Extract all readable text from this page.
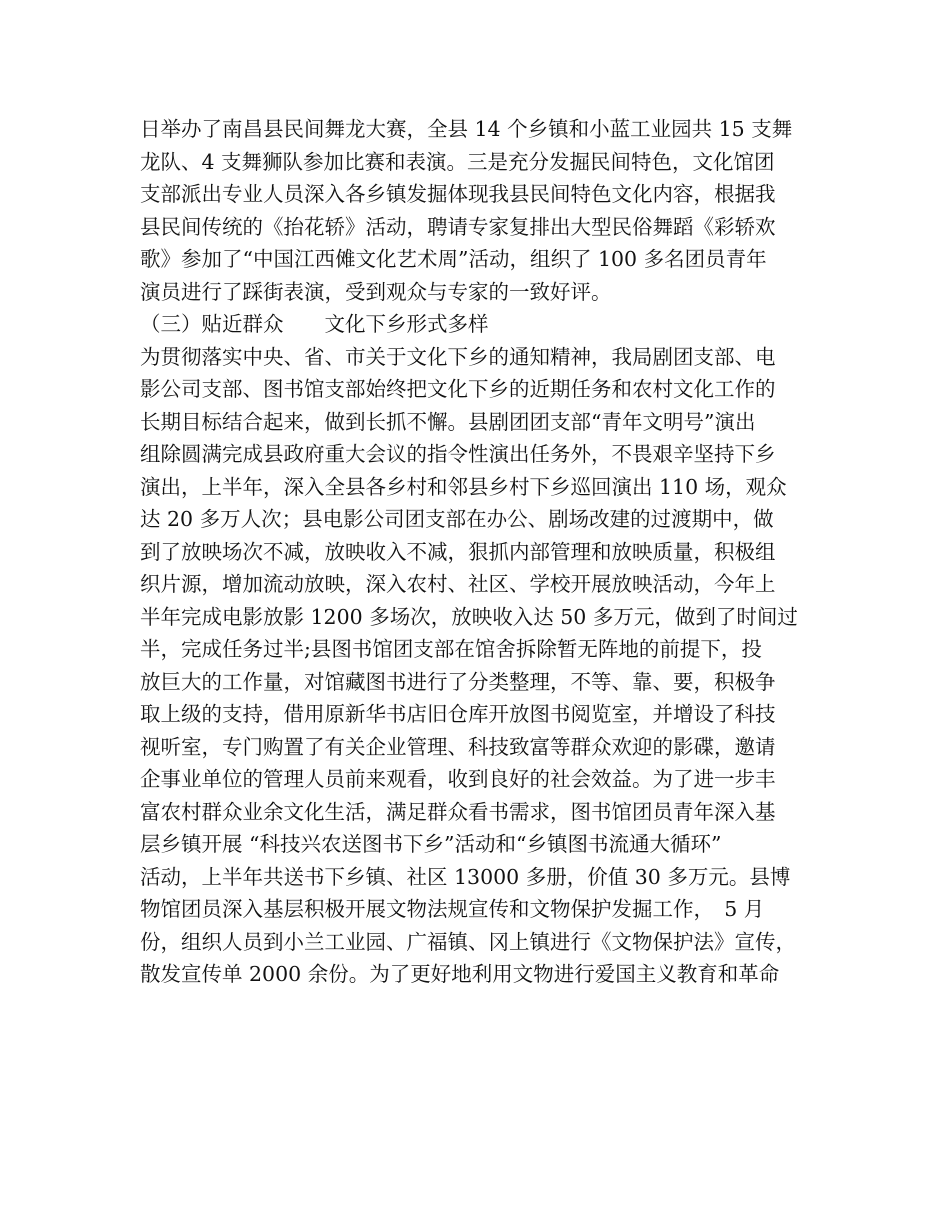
日举办了南昌县民间舞龙大赛，全县 14 个乡镇和小蓝工业园共 15 支舞
龙队、4 支舞狮队参加比赛和表演。三是充分发掘民间特色，文化馆团
支部派出专业人员深入各乡镇发掘体现我县民间特色文化内容，根据我
县民间传统的《抬花轿》活动，聘请专家复排出大型民俗舞蹈《彩轿欢
歌》参加了“中国江西傩文化艺术周”活动，组织了 100 多名团员青年
演员进行了踩街表演，受到观众与专家的一致好评。
（三）贴近群众　　文化下乡形式多样
为贯彻落实中央、省、市关于文化下乡的通知精神，我局剧团支部、电
影公司支部、图书馆支部始终把文化下乡的近期任务和农村文化工作的
长期目标结合起来，做到长抓不懈。县剧团团支部“青年文明号”演出
组除圆满完成县政府重大会议的指令性演出任务外，不畏艰辛坚持下乡
演出，上半年，深入全县各乡村和邻县乡村下乡巡回演出 110 场，观众
达 20 多万人次；县电影公司团支部在办公、剧场改建的过渡期中，做
到了放映场次不减，放映收入不减，狠抓内部管理和放映质量，积极组
织片源，增加流动放映，深入农村、社区、学校开展放映活动，今年上
半年完成电影放影 1200 多场次，放映收入达 50 多万元，做到了时间过
半，完成任务过半;县图书馆团支部在馆舍拆除暂无阵地的前提下，投
放巨大的工作量，对馆藏图书进行了分类整理，不等、靠、要，积极争
取上级的支持，借用原新华书店旧仓库开放图书阅览室，并增设了科技
视听室，专门购置了有关企业管理、科技致富等群众欢迎的影碟，邀请
企事业单位的管理人员前来观看，收到良好的社会效益。为了进一步丰
富农村群众业余文化生活，满足群众看书需求，图书馆团员青年深入基
层乡镇开展 “科技兴农送图书下乡”活动和“乡镇图书流通大循环”
活动，上半年共送书下乡镇、社区 13000 多册，价值 30 多万元。县博
物馆团员深入基层积极开展文物法规宣传和文物保护发掘工作，　5 月
份，组织人员到小兰工业园、广福镇、冈上镇进行《文物保护法》宣传，
散发宣传单 2000 余份。为了更好地利用文物进行爱国主义教育和革命
